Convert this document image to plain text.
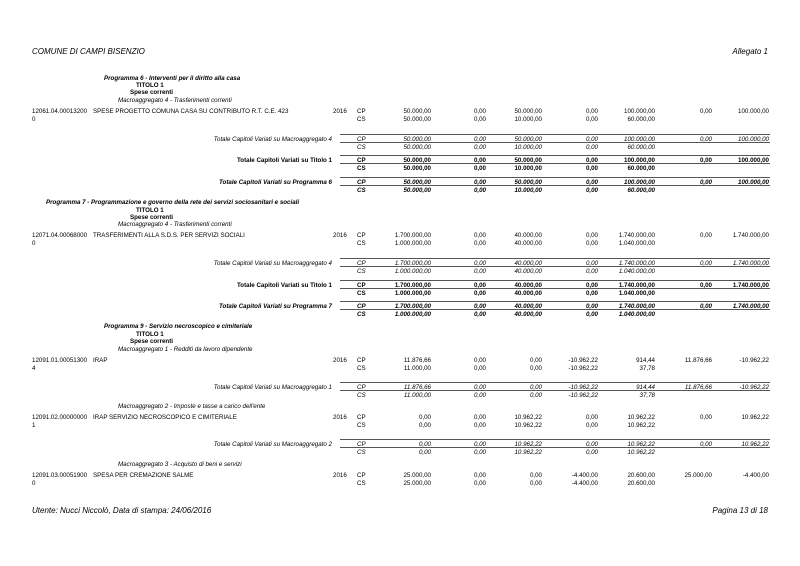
COMUNE DI CAMPI BISENZIO	Allegato 1
Programma 6 - Interventi per il diritto alla casa
TITOLO 1
Spese correnti
Macroaggregato 4 - Trasferimenti correnti
12061.04.00013200
0
SPESE PROGETTO COMUNA CASA SU CONTRIBUTO R.T. C.E. 423	2016 CP	50.000,00	0,00	50.000,00	0,00	100.000,00	0,00	100.000,00
CS	50.000,00	0,00	10.000,00	0,00	60.000,00
Totale Capitoli Variati su Macroaggregato 4	CP	50.000,00	0,00	50.000,00	0,00	100.000,00	0,00	100.000,00
CS	50.000,00	0,00	10.000,00	0,00	60.000,00
Totale Capitoli Variati su Titolo 1	CP	50.000,00	0,00	50.000,00	0,00	100.000,00	0,00	100.000,00
CS	50.000,00	0,00	10.000,00	0,00	60.000,00
Totale Capitoli Variati su Programma 6	CP	50.000,00	0,00	50.000,00	0,00	100.000,00	0,00	100.000,00
CS	50.000,00	0,00	10.000,00	0,00	60.000,00
Programma 7 - Programmazione e governo della rete dei servizi sociosanitari e sociali
TITOLO 1
Spese correnti
Macroaggregato 4 - Trasferimenti correnti
12071.04.00068000
0
TRASFERIMENTI ALLA S.D.S. PER SERVIZI SOCIALI	2016 CP	1.700.000,00	0,00	40.000,00	0,00	1.740.000,00	0,00	1.740.000,00
CS	1.000.000,00	0,00	40.000,00	0,00	1.040.000,00
Totale Capitoli Variati su Macroaggregato 4	CP	1.700.000,00	0,00	40.000,00	0,00	1.740.000,00	0,00	1.740.000,00
CS	1.000.000,00	0,00	40.000,00	0,00	1.040.000,00
Totale Capitoli Variati su Titolo 1	CP	1.700.000,00	0,00	40.000,00	0,00	1.740.000,00	0,00	1.740.000,00
CS	1.000.000,00	0,00	40.000,00	0,00	1.040.000,00
Totale Capitoli Variati su Programma 7	CP	1.700.000,00	0,00	40.000,00	0,00	1.740.000,00	0,00	1.740.000,00
CS	1.000.000,00	0,00	40.000,00	0,00	1.040.000,00
Programma 9 - Servizio necroscopico e cimiteriale
TITOLO 1
Spese correnti
Macroaggregato 1 - Redditi da lavoro dipendente
12091.01.00051300
4
IRAP	2016 CP	11.876,66	0,00	0,00	-10.962,22	914,44	11.876,66	-10.962,22
CS	11.000,00	0,00	0,00	-10.962,22	37,78
Totale Capitoli Variati su Macroaggregato 1	CP	11.876,66	0,00	0,00	-10.962,22	914,44	11.876,66	-10.962,22
CS	11.000,00	0,00	0,00	-10.962,22	37,78
Macroaggregato 2 - Imposte e tasse a carico dell'ente
12091.02.00000000
1
IRAP SERVIZIO NECROSCOPICO E CIMITERIALE	2016 CP	0,00	0,00	10.962,22	0,00	10.962,22	0,00	10.962,22
CS	0,00	0,00	10.962,22	0,00	10.962,22
Totale Capitoli Variati su Macroaggregato 2	CP	0,00	0,00	10.962,22	0,00	10.962,22	0,00	10.962,22
CS	0,00	0,00	10.962,22	0,00	10.962,22
Macroaggregato 3 - Acquisto di beni e servizi
12091.03.00051900
0
SPESA PER CREMAZIONE SALME	2016 CP	25.000,00	0,00	0,00	-4.400,00	20.600,00	25.000,00	-4.400,00
CS	25.000,00	0,00	0,00	-4.400,00	20.600,00
Utente: Nucci Niccolò, Data di stampa: 24/06/2016	Pagina 13 di 18
